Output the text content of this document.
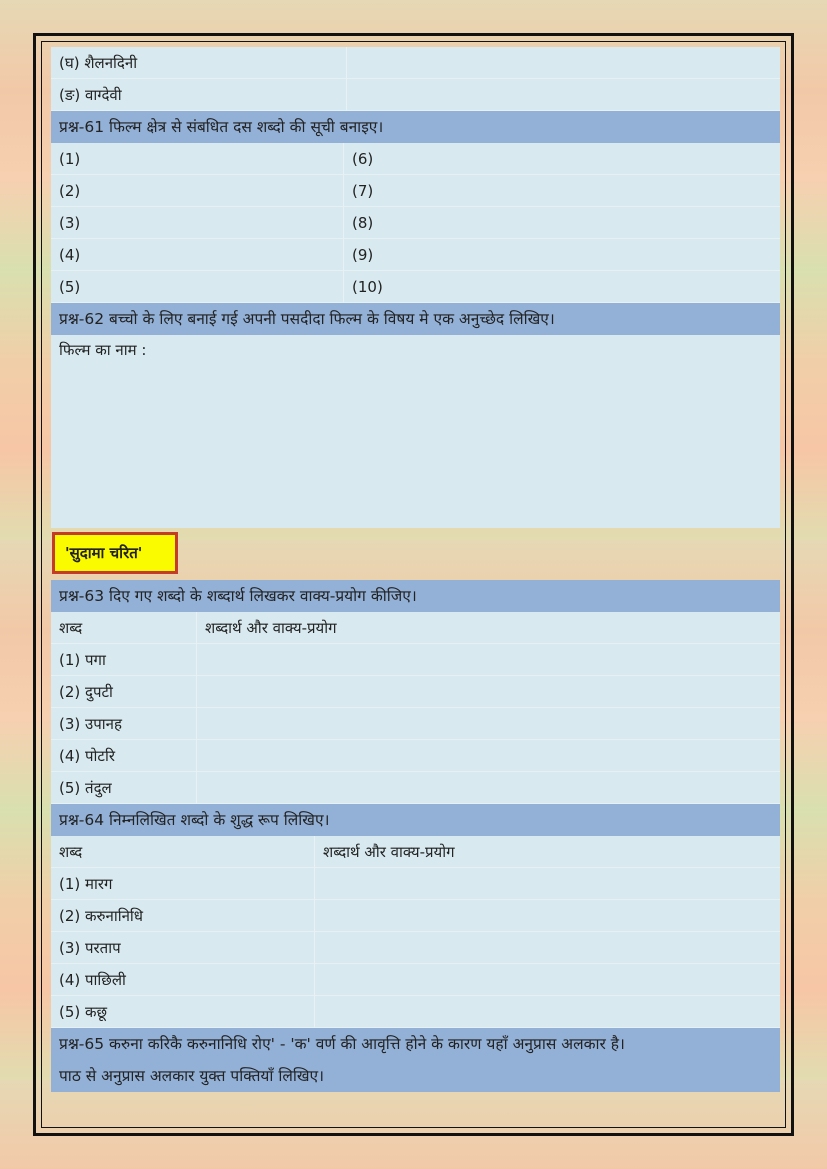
(घ) शैलनदिनी
(ङ) वाग्देवी
प्रश्न-61 फिल्म क्षेत्र से संबधित दस शब्दो की सूची बनाइए।
(1)	(6)
(2)	(7)
(3)	(8)
(4)	(9)
(5)	(10)
प्रश्न-62 बच्चो के लिए बनाई गई अपनी पसदीदा फिल्म के विषय मे एक अनुच्छेद लिखिए।
फिल्म का नाम :
'सुदामा चरित'
प्रश्न-63 दिए गए शब्दो के शब्दार्थ लिखकर वाक्य-प्रयोग कीजिए।
शब्द	शब्दार्थ और वाक्य-प्रयोग
(1) पगा
(2) दुपटी
(3) उपानह
(4) पोटरि
(5) तंदुल
प्रश्न-64 निम्नलिखित शब्दो के शुद्ध रूप लिखिए।
शब्द	शब्दार्थ और वाक्य-प्रयोग
(1) मारग
(2) करुनानिधि
(3) परताप
(4) पाछिली
(5) कछू
प्रश्न-65 करुना करिकै करुनानिधि रोए' - 'क' वर्ण की आवृत्ति होने के कारण यहाँ अनुप्रास अलकार है।
पाठ से अनुप्रास अलकार युक्त पक्तियाँ लिखिए।
